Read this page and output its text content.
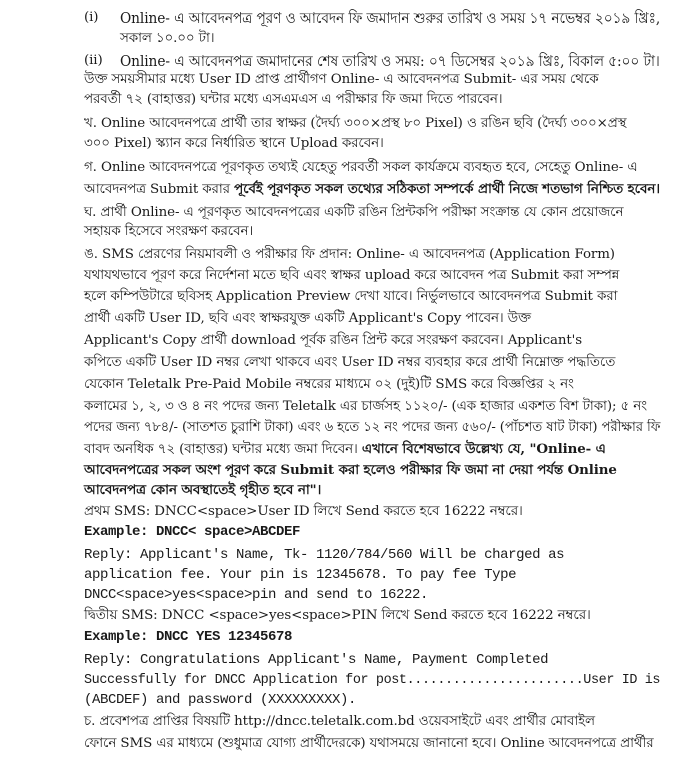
(i) Online- এ আবেদনপত্র পূরণ ও আবেদন ফি জমাদান শুরুর তারিখ ও সময় ১৭ নভেম্বর ২০১৯ খ্রিঃ,
সকাল ১০.০০ টা।
(ii) Online- এ আবেদনপত্র জমাদানের শেষ তারিখ ও সময়: ০৭ ডিসেম্বর ২০১৯ খ্রিঃ, বিকাল ৫:০০ টা।
উক্ত সময়সীমার মধ্যে User ID প্রাপ্ত প্রার্থীগণ Online- এ আবেদনপত্র Submit- এর সময় থেকে
পরবর্তী ৭২ (বাহাত্তর) ঘন্টার মধ্যে এসএমএস এ পরীক্ষার ফি জমা দিতে পারবেন।
খ. Online আবেদনপত্রে প্রার্থী তার স্বাক্ষর (দৈর্ঘ্য ৩০০×প্রস্থ ৮০ Pixel) ও রঙিন ছবি (দৈর্ঘ্য ৩০০×প্রস্থ
৩০০ Pixel) স্ক্যান করে নির্ধারিত স্থানে Upload করবেন।
গ. Online আবেদনপত্রে পূরণকৃত তথ্যই যেহেতু পরবর্তী সকল কার্যক্রমে ব্যবহৃত হবে, সেহেতু Online- এ
আবেদনপত্র Submit করার পূর্বেই পূরণকৃত সকল তথ্যের সঠিকতা সম্পর্কে প্রার্থী নিজে শতভাগ নিশ্চিত হবেন।
ঘ. প্রার্থী Online- এ পূরণকৃত আবেদনপত্রের একটি রঙিন প্রিন্টকপি পরীক্ষা সংক্রান্ত যে কোন প্রয়োজনে
সহায়ক হিসেবে সংরক্ষণ করবেন।
ঙ. SMS প্রেরণের নিয়মাবলী ও পরীক্ষার ফি প্রদান: Online- এ আবেদনপত্র (Application Form)
যথাযথভাবে পূরণ করে নির্দেশনা মতে ছবি এবং স্বাক্ষর upload করে আবেদন পত্র Submit করা সম্পন্ন
হলে কম্পিউটারে ছবিসহ Application Preview দেখা যাবে। নির্ভুলভাবে আবেদনপত্র Submit করা
প্রার্থী একটি User ID, ছবি এবং স্বাক্ষরযুক্ত একটি Applicant's Copy পাবেন। উক্ত
Applicant's Copy প্রার্থী download পূর্বক রঙিন প্রিন্ট করে সংরক্ষণ করবেন। Applicant's
কপিতে একটি User ID নম্বর লেখা থাকবে এবং User ID নম্বর ব্যবহার করে প্রার্থী নিম্নোক্ত পদ্ধতিতে
যেকোন Teletalk Pre-Paid Mobile নম্বরের মাধ্যমে ০২ (দুই)টি SMS করে বিজ্ঞপ্তির ২ নং
কলামের ১, ২, ৩ ও ৪ নং পদের জন্য Teletalk এর চার্জসহ ১১২০/- (এক হাজার একশত বিশ টাকা); ৫ নং
পদের জন্য ৭৮৪/- (সাতশত চুরাশি টাকা) এবং ৬ হতে ১২ নং পদের জন্য ৫৬০/- (পাঁচশত ষাট টাকা) পরীক্ষার ফি
বাবদ অনধিক ৭২ (বাহাত্তর) ঘন্টার মধ্যে জমা দিবেন। এখানে বিশেষভাবে উল্লেখ্য যে, "Online- এ
আবেদনপত্রের সকল অংশ পূরণ করে Submit করা হলেও পরীক্ষার ফি জমা না দেয়া পর্যন্ত Online
আবেদনপত্র কোন অবস্থাতেই গৃহীত হবে না"।
প্রথম SMS: DNCC<space>User ID লিখে Send করতে হবে 16222 নম্বরে।
Example: DNCC< space>ABCDEF
Reply: Applicant's Name, Tk- 1120/784/560 Will be charged as
application fee. Your pin is 12345678. To pay fee Type
DNCC<space>yes<space>pin and send to 16222.
দ্বিতীয় SMS: DNCC <space>yes<space>PIN লিখে Send করতে হবে 16222 নম্বরে।
Example: DNCC YES 12345678
Reply: Congratulations Applicant's Name, Payment Completed
Successfully for DNCC Application for post.......................User ID is
(ABCDEF) and password (XXXXXXXXX).
চ. প্রবেশপত্র প্রাপ্তির বিষয়টি http://dncc.teletalk.com.bd ওয়েবসাইটে এবং প্রার্থীর মোবাইল
ফোনে SMS এর মাধ্যমে (শুধুমাত্র যোগ্য প্রার্থীদেরকে) যথাসময়ে জানানো হবে। Online আবেদনপত্রে প্রার্থীর
